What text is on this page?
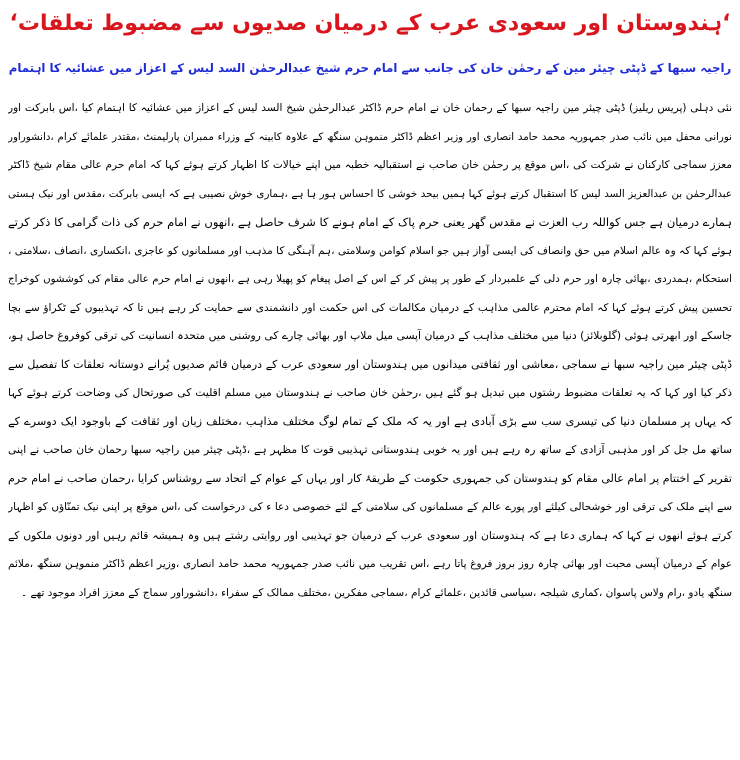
‘ہندوستان اور سعودی عرب کے درمیان صدیوں سے مضبوط تعلقات‘
راجیہ سبھا کے ڈپٹی چیئر مین کے رحمٰن خان کی جانب سے امام حرم شیخ عبدالرحمٰن السد لیس کے اعزاز میں عشائیہ کا اہتمام
نئی دہلی (پریس ریلیز) ڈپٹی چیئر مین راجیہ سبھا کے رحمان خان نے امام حرم ڈاکٹر عبدالرحمٰن شیخ السد لیس کے اعزاز میں عشائیہ کا اہتمام کیا ،اس بابرکت اور
نورانی محفل میں نائب صدر جمہوریہ محمد حامد انصاری اور وزیر اعظم ڈاکٹر منموہن سنگھ کے علاوہ کابینہ کے وزراء ممبران پارلیمنٹ ،مقتدر علمائے کرام ،دانشوراور
معزز سماجی کارکنان نے شرکت کی ،اس موقع پر رحمٰن خان صاحب نے استقبالیہ خطبہ میں اپنے خیالات کا اظہار کرتے ہوئے کہا کہ امام حرم عالی مقام شیخ ڈاکٹر
عبدالرحمٰن بن عبدالعزیز السد لیس کا استقبال کرتے ہوئے کہا ہمیں بیحد خوشی کا احساس ہور ہا ہے ،ہماری خوش نصیبی ہے کہ ایسی بابرکت ،مقدس اور نیک ہستی
ہمارے درمیان ہے جس کواللہ رب العزت نے مقدس گھر یعنی حرم پاک کے امام ہونے کا شرف حاصل ہے ،انھوں نے امام حرم کی ذات گرامی کا ذکر کرتے
ہوئے کہا کہ وہ عالم اسلام میں حق وانصاف کی ایسی آواز ہیں جو اسلام کوامن وسلامتی ،ہم آہنگی کا مذہب اور مسلمانوں کو عاجزی ،انکساری ،انصاف ،سلامتی ،
استحکام ،ہمدردی ،بھائی چارہ اور حرم دلی کے علمبردار کے طور پر پیش کر کے اس کے اصل پیغام کو پھیلا رہی ہے ،انھوں نے امام حرم عالی مقام کی کوششوں کوخراج
تحسین پیش کرتے ہوئے کہا کہ امام محترم عالمی مذاہب کے درمیان مکالمات کی اس حکمت اور دانشمندی سے حمایت کر رہے ہیں تا کہ تہذیبوں کے ٹکراؤ سے بچا
جاسکے اور ابھرتی ہوئی (گلوبلائز) دنیا میں مختلف مذاہب کے درمیان آپسی میل ملاپ اور بھائی چارے کی روشنی میں متحدہ انسانیت کی ترقی کوفروغ حاصل ہو،
ڈپٹی چیئر مین راجیہ سبھا نے سماجی ،معاشی اور ثقافتی میدانوں میں ہندوستان اور سعودی عرب کے درمیان قائم صدیوں پُرانے دوستانہ تعلقات کا تفصیل سے
ذکر کیا اور کہا کہ یہ تعلقات مضبوط رشتوں میں تبدیل ہو گئے ہیں ،رحمٰن خان صاحب نے ہندوستان میں مسلم اقلیت کی صورتحال کی وضاحت کرتے ہوئے کہا
کہ یہاں پر مسلمان دنیا کی تیسری سب سے بڑی آبادی ہے اور یہ کہ ملک کے تمام لوگ مختلف مذاہب ،مختلف زبان اور ثقافت کے باوجود ایک دوسرے کے
ساتھ مل جل کر اور مذہبی آزادی کے ساتھ رہ رہے ہیں اور یہ خوبی ہندوستانی تہذیبی قوت کا مظہر ہے ،ڈپٹی چیئر مین راجیہ سبھا رحمان خان صاحب نے اپنی
تقریر کے اختتام پر امام عالی مقام کو ہندوستان کی جمہوری حکومت کے طریقۂ کار اور یہاں کے عوام کے اتحاد سے روشناس کرایا ،رحمان صاحب نے امام حرم
سے اپنے ملک کی ترقی اور خوشحالی کیلئے اور پورے عالم کے مسلمانوں کی سلامتی کے لئے خصوصی دعا ء کی درخواست کی ،اس موقع پر اپنی نیک تمنّاؤں کو اظہار
کرتے ہوئے انھوں نے کہا کہ ہماری دعا ہے کہ ہندوستان اور سعودی عرب کے درمیان جو تہذیبی اور روایتی رشتے ہیں وہ ہمیشہ قائم رہیں اور دونوں ملکوں کے
عوام کے درمیان آپسی محبت اور بھائی چارہ روز بروز فروغ پاتا رہے ،اس تقریب میں نائب صدر جمہوریہ محمد حامد انصاری ،وزیر اعظم ڈاکٹر منموہن سنگھ ،ملائم
سنگھ یادو ،رام ولاس پاسوان ،کماری شیلجہ ،سیاسی قائدین ،علمائے کرام ،سماجی مفکرین ،مختلف ممالک کے سفراء ،دانشوراور سماج کے معزز افراد موجود تھے ۔
